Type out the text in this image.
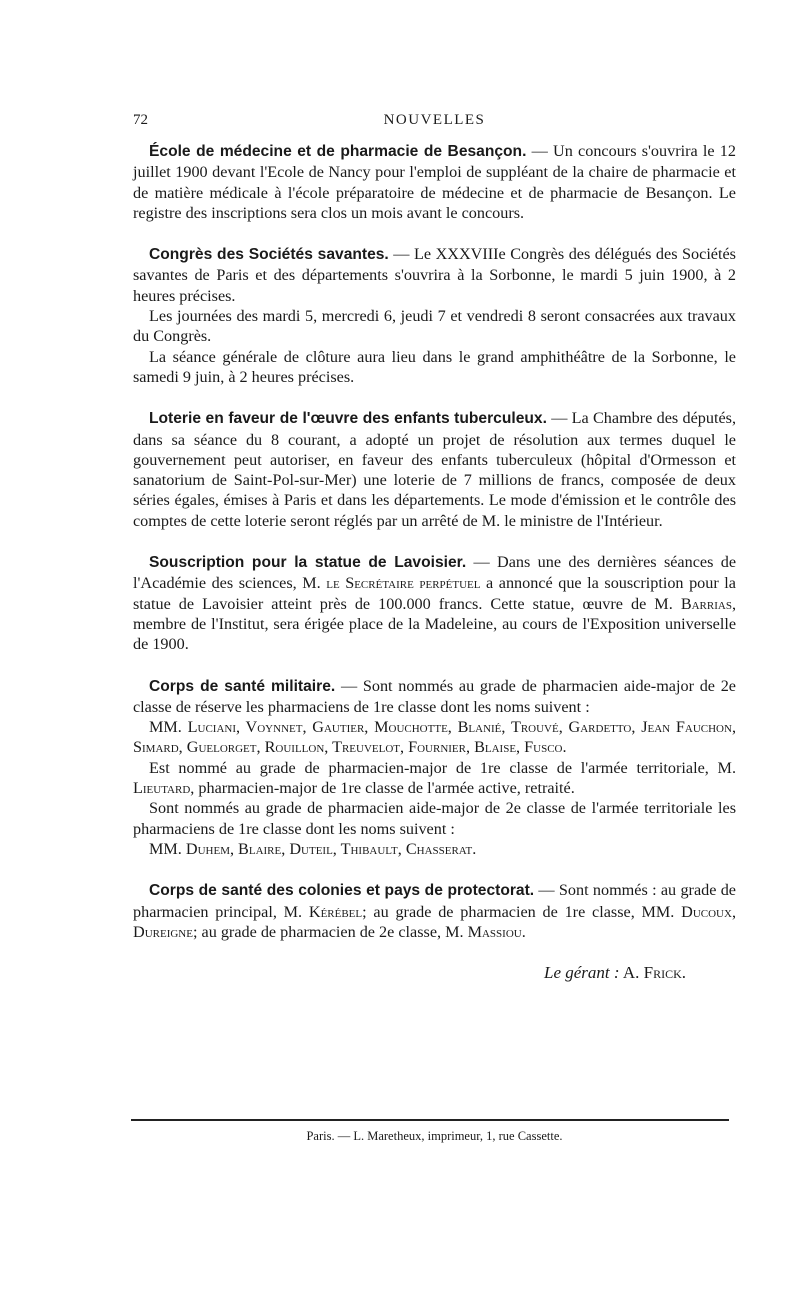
72	NOUVELLES

École de médecine et de pharmacie de Besançon. — Un concours s'ouvrira le 12 juillet 1900 devant l'Ecole de Nancy pour l'emploi de suppléant de la chaire de pharmacie et de matière médicale à l'école préparatoire de médecine et de pharmacie de Besançon. Le registre des inscriptions sera clos un mois avant le concours.

Congrès des Sociétés savantes. — Le XXXVIIIe Congrès des délégués des Sociétés savantes de Paris et des départements s'ouvrira à la Sorbonne, le mardi 5 juin 1900, à 2 heures précises.

Les journées des mardi 5, mercredi 6, jeudi 7 et vendredi 8 seront consacrées aux travaux du Congrès.

La séance générale de clôture aura lieu dans le grand amphithéâtre de la Sorbonne, le samedi 9 juin, à 2 heures précises.

Loterie en faveur de l'œuvre des enfants tuberculeux. — La Chambre des députés, dans sa séance du 8 courant, a adopté un projet de résolution aux termes duquel le gouvernement peut autoriser, en faveur des enfants tuberculeux (hôpital d'Ormesson et sanatorium de Saint-Pol-sur-Mer) une loterie de 7 millions de francs, composée de deux séries égales, émises à Paris et dans les départements. Le mode d'émission et le contrôle des comptes de cette loterie seront réglés par un arrêté de M. le ministre de l'Intérieur.

Souscription pour la statue de Lavoisier. — Dans une des dernières séances de l'Académie des sciences, M. le Secrétaire perpétuel a annoncé que la souscription pour la statue de Lavoisier atteint près de 100.000 francs. Cette statue, œuvre de M. Barrias, membre de l'Institut, sera érigée place de la Madeleine, au cours de l'Exposition universelle de 1900.

Corps de santé militaire. — Sont nommés au grade de pharmacien aide-major de 2e classe de réserve les pharmaciens de 1re classe dont les noms suivent :

MM. Luciani, Voynnet, Gautier, Mouchotte, Blanié, Trouvé, Gardetto, Jean Fauchon, Simard, Guelorget, Rouillon, Treuvelot, Fournier, Blaise, Fusco.

Est nommé au grade de pharmacien-major de 1re classe de l'armée territoriale, M. Lieutard, pharmacien-major de 1re classe de l'armée active, retraité.

Sont nommés au grade de pharmacien aide-major de 2e classe de l'armée territoriale les pharmaciens de 1re classe dont les noms suivent :

MM. Duhem, Blaire, Duteil, Thibault, Chasserat.

Corps de santé des colonies et pays de protectorat. — Sont nommés : au grade de pharmacien principal, M. Kérébel; au grade de pharmacien de 1re classe, MM. Ducoux, Dureigne; au grade de pharmacien de 2e classe, M. Massiou.

Le gérant : A. Frick.
Paris. — L. Maretheux, imprimeur, 1, rue Cassette.
